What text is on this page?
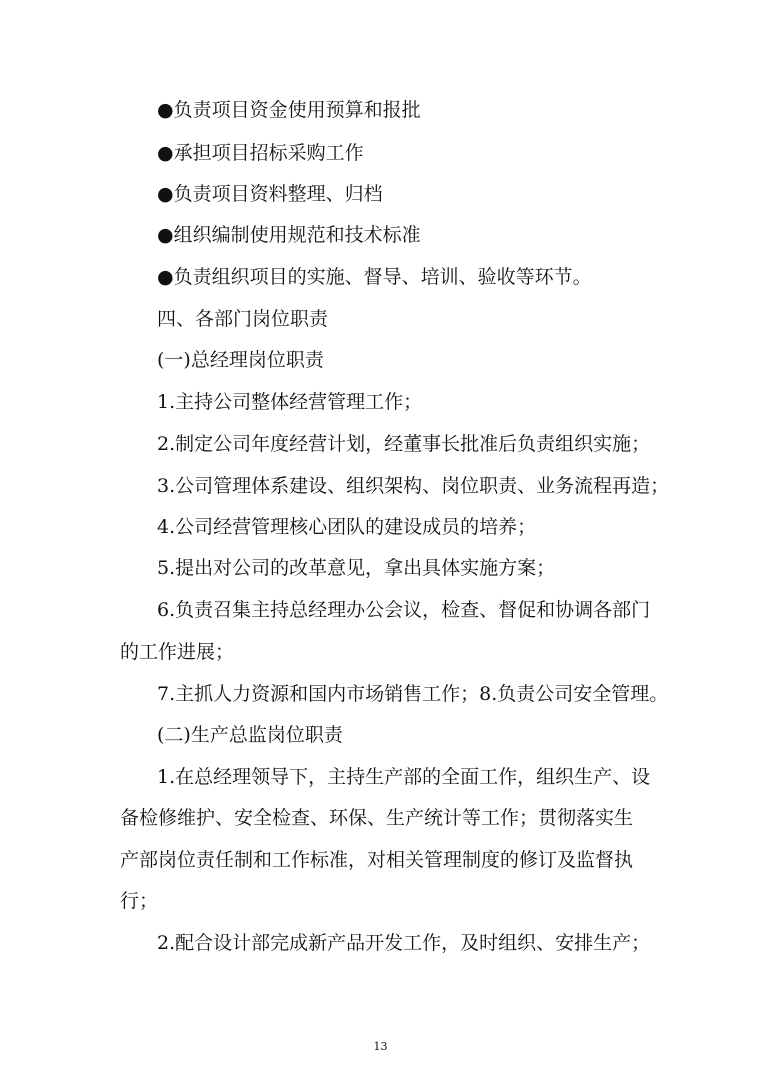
●负责项目资金使用预算和报批
●承担项目招标采购工作
●负责项目资料整理、归档
●组织编制使用规范和技术标准
●负责组织项目的实施、督导、培训、验收等环节。
四、各部门岗位职责
(一)总经理岗位职责
1.主持公司整体经营管理工作；
2.制定公司年度经营计划，经董事长批准后负责组织实施；
3.公司管理体系建设、组织架构、岗位职责、业务流程再造；
4.公司经营管理核心团队的建设成员的培养；
5.提出对公司的改革意见，拿出具体实施方案；
6.负责召集主持总经理办公会议，检查、督促和协调各部门
的工作进展；
7.主抓人力资源和国内市场销售工作；8.负责公司安全管理。
(二)生产总监岗位职责
1.在总经理领导下，主持生产部的全面工作，组织生产、设
备检修维护、安全检查、环保、生产统计等工作；贯彻落实生
产部岗位责任制和工作标准，对相关管理制度的修订及监督执
行；
2.配合设计部完成新产品开发工作，及时组织、安排生产；
13
